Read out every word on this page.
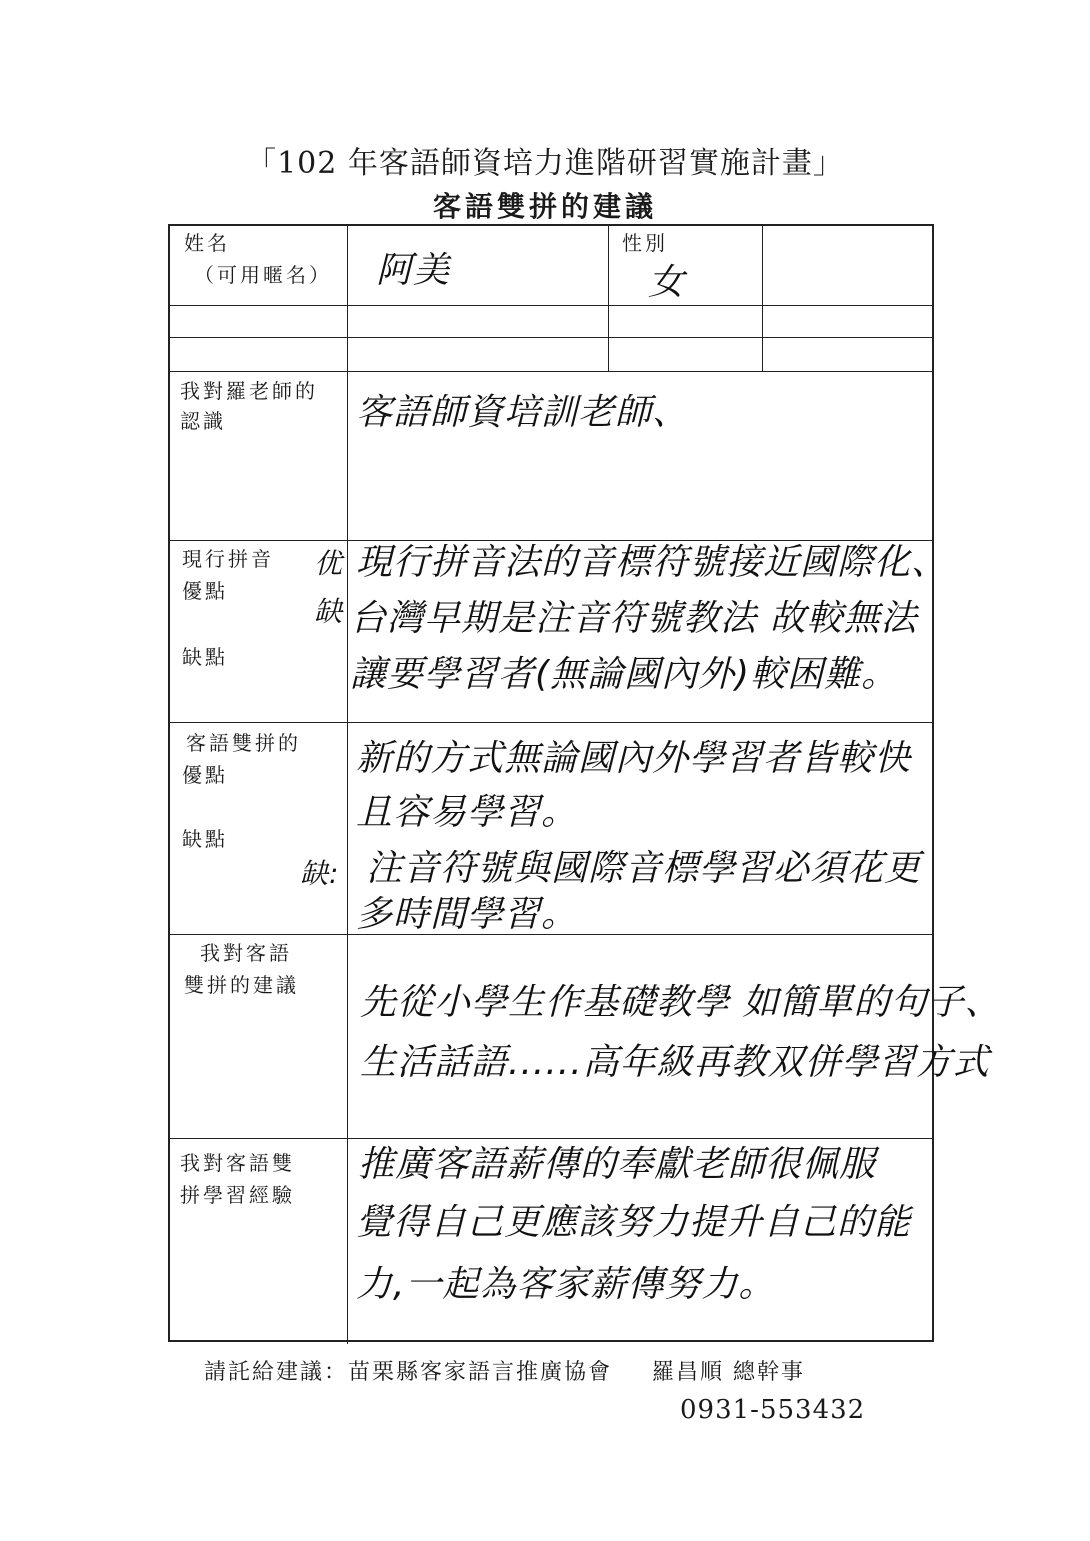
「102 年客語師資培力進階研習實施計畫」
客語雙拼的建議
姓名
（可用暱名） 阿美
性別
女
我對羅老師的認識	客語師資培訓老師、
現行拼音
優點
缺點
优
缺
現行拼音法的音標符號接近國際化、
台灣早期是注音符號教法 故較無法
讓要學習者(無論國內外)較困難。
客語雙拼的
優點
缺點
缺:
新的方式無論國內外學習者皆較快
且容易學習。
注音符號與國際音標學習必須花更
多時間學習。
我對客語
雙拼的建議 先從小學生作基礎教學 如簡單的句子、
生活話語......高年級再教双併學習方式
我對客語雙
拼學習經驗
推廣客語薪傳的奉獻老師很佩服
覺得自己更應該努力提升自己的能
力,一起為客家薪傳努力。
請託給建議：苗栗縣客家語言推廣協會 羅昌順 總幹事
0931-553432
